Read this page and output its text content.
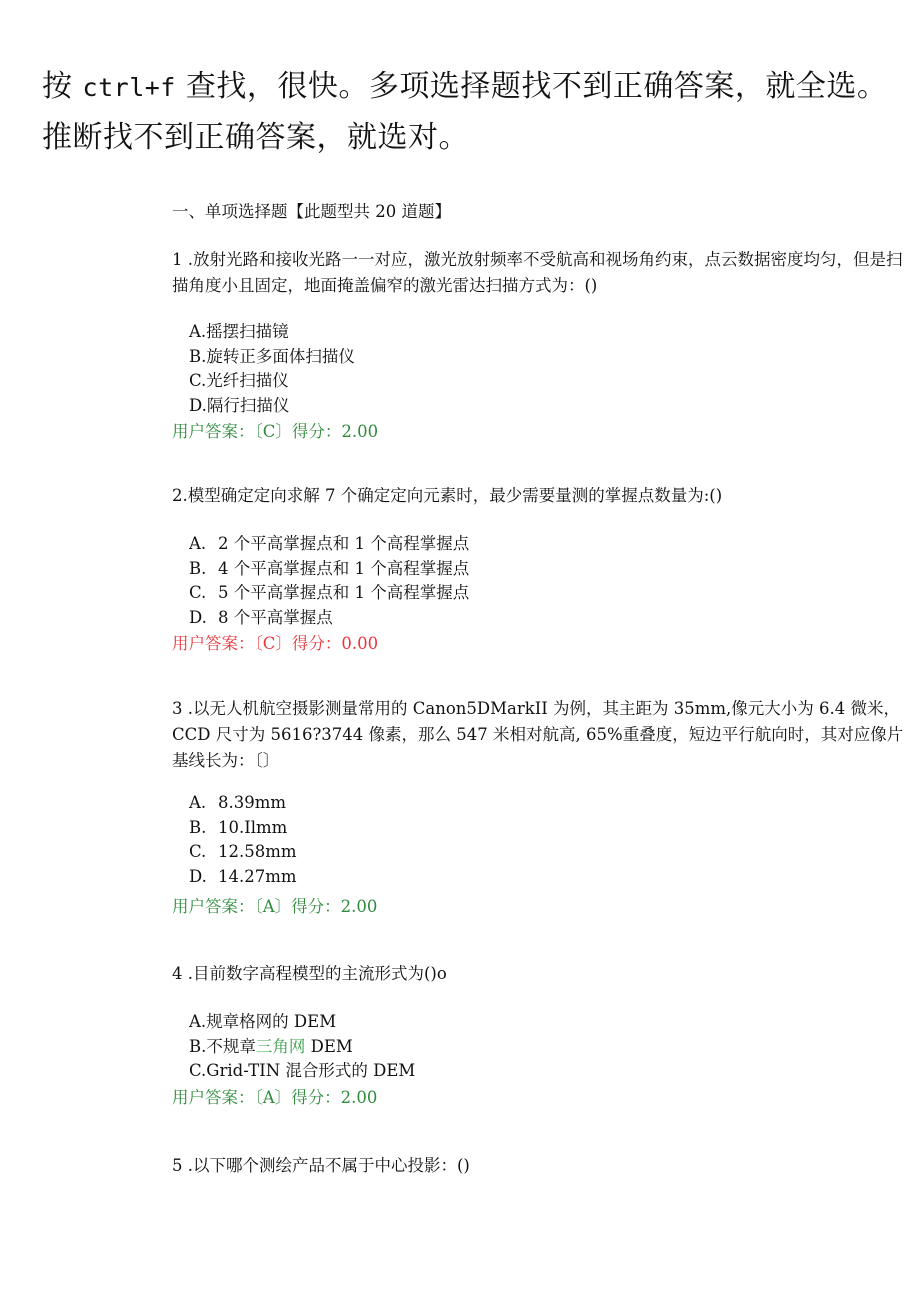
按 ctrl+f 查找，很快。多项选择题找不到正确答案，就全选。推断找不到正确答案，就选对。
一、单项选择题【此题型共 20 道题】
1 .放射光路和接收光路一一对应，激光放射频率不受航高和视场角约束，点云数据密度均匀，但是扫描角度小且固定，地面掩盖偏窄的激光雷达扫描方式为：()
A.摇摆扫描镜
B.旋转正多面体扫描仪
C.光纤扫描仪
D.隔行扫描仪
用户答案：〔C〕得分：2.00
2.模型确定定向求解 7 个确定定向元素时，最少需要量测的掌握点数量为:()
A. 2 个平高掌握点和 1 个高程掌握点
B. 4 个平高掌握点和 1 个高程掌握点
C. 5 个平高掌握点和 1 个高程掌握点
D. 8 个平高掌握点
用户答案：〔C〕得分：0.00
3 .以无人机航空摄影测量常用的 Canon5DMarkII 为例，其主距为 35mm,像元大小为 6.4 微米，CCD 尺寸为 5616?3744 像素，那么 547 米相对航高, 65%重叠度，短边平行航向时，其对应像片基线长为：〔〕
A. 8.39mm
B. 10.Ilmm
C. 12.58mm
D. 14.27mm
用户答案：〔A〕得分：2.00
4 .目前数字高程模型的主流形式为()o
A.规章格网的 DEM
B.不规章三角网 DEM
C.Grid-TIN 混合形式的 DEM
用户答案：〔A〕得分：2.00
5 .以下哪个测绘产品不属于中心投影：()
